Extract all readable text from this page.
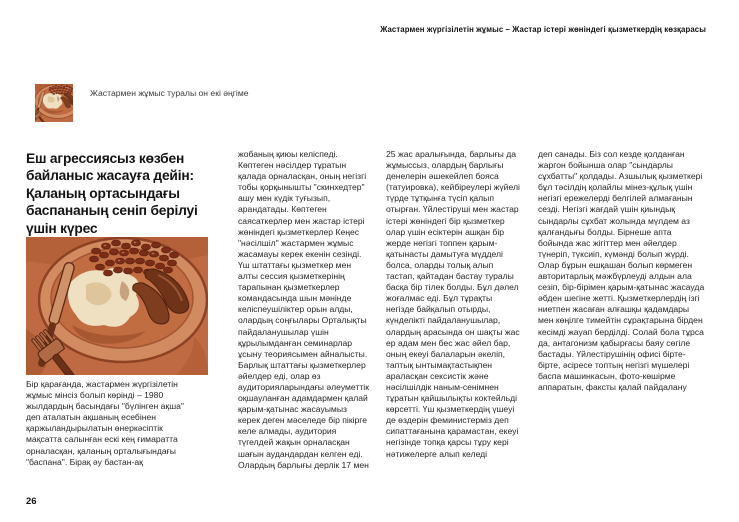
Жастармен жүргізілетін жұмыс – Жастар істері жөніндегі қызметкердің көзқарасы
Жастармен жұмыс туралы он екі әңгіме
Еш агрессиясыз көзбен байланыс жасауға дейін: Қаланың ортасындағы баспананың сеніп берілуі үшін күрес
Бір қарағанда, жастармен жүргізілетін жұмыс мінсіз болып көрінді – 1980 жылдардың басындағы "бүлінген ақша" деп аталатын ақшаның есебінен қаржыландырылатын өнеркәсіптік мақсатта салынған ескі кең ғимаратта орналасқан, қаланың орталығындағы "баспана". Бірақ әу бастан-ақ
жобаның қиюы келіспеді. Көптеген нәсілдер тұратын қалада орналасқан, оның негізгі тобы қорқынышты "скинхедтер" ашу мен күдік туғызып, арандатады. Көптеген саясаткерлер мен жастар істері жөніндегі қызметкерлер Кеңес "нәсілшіл" жастармен жұмыс жасамауы керек екенін сезінді. Үш штаттағы қызметкер мен алты сессия қызметкерінің тарапынан қызметкерлер командасында шын мәнінде келіспеушіліктер орын алды, олардың соңғылары Орталықты пайдаланушылар үшін құрылымданған семинарлар ұсыну теориясымен айналысты. Барлық штаттағы қызметкерлер әйелдер еді, олар өз аудиторияларындағы әлеуметтік оқшауланған адамдармен қалай қарым-қатынас жасауымыз керек деген мәселеде бір пікірге келе алмады, аудитория түгелдей жақын орналасқан шағын аудандардан келген еді. Олардың барлығы дерлік 17 мен
25 жас аралығында, барлығы да жұмыссыз, олардың барлығы денелерін әшекейлеп бояса (татуировка), кейбіреулері жүйелі түрде тұтқынға түсіп қалып отырған. Үйлестіруші мен жастар істері жөніндегі бір қызметкер олар үшін есіктерін ашқан бір жерде негізгі топпен қарым-қатынасты дамытуға мүдделі болса, оларды толық алып тастап, қайтадан бастау туралы басқа бір тілек болды. Бұл дәлел жоғалмас еді. Бұл тұрақты негізде байқалып отырды, күнделікті пайдаланушылар, олардың арасында он шақты жас ер адам мен бес жас әйел бар, оның екеуі балаларын әкеліп, таптық ынтымақтастықпен араласқан сексистік және нәсілшілдік наным-сенімнен тұратын қайшылықты коктейльді көрсетті. Үш қызметкердің үшеуі де өздерін феминистерміз деп сипаттағанына қарамастан, екеуі негізінде топқа қарсы тұру кері нәтижелерге алып келеді
деп санады. Біз сол кезде қолданған жаргон бойынша олар "сындарлы сұхбатты" қолдады. Азшылық қызметкері бұл тәсілдің қолайлы мінез-құлық үшін негізгі ережелерді белгілей алмағанын сезді. Негізгі жағдай үшін қиындық сындарлы сұхбат жолында мүлдем аз қалғандығы болды. Бірнеше апта бойында жас жігіттер мен әйелдер түнеріп, түксиіп, күмәнді болып жүрді. Олар бұрын ешқашан болып көрмеген авторитарлық мәжбүрлеуді алдын ала сезіп, бір-бірімен қарым-қатынас жасауда әбден шегіне жетті. Қызметкерлердің ізгі ниетпен жасаған алғашқы қадамдары мен көңілге тимейтін сұрақтарына бірден кесімді жауап берділді. Солай бола тұрса да, антагонизм қабырғасы баяу сөгіле бастады. Үйлестірушінің офисі бірте-бірте, әсіресе топтың негізгі мүшелері баспа машинкасын, фото-көшірме аппаратын, факсты қалай пайдалану
26
